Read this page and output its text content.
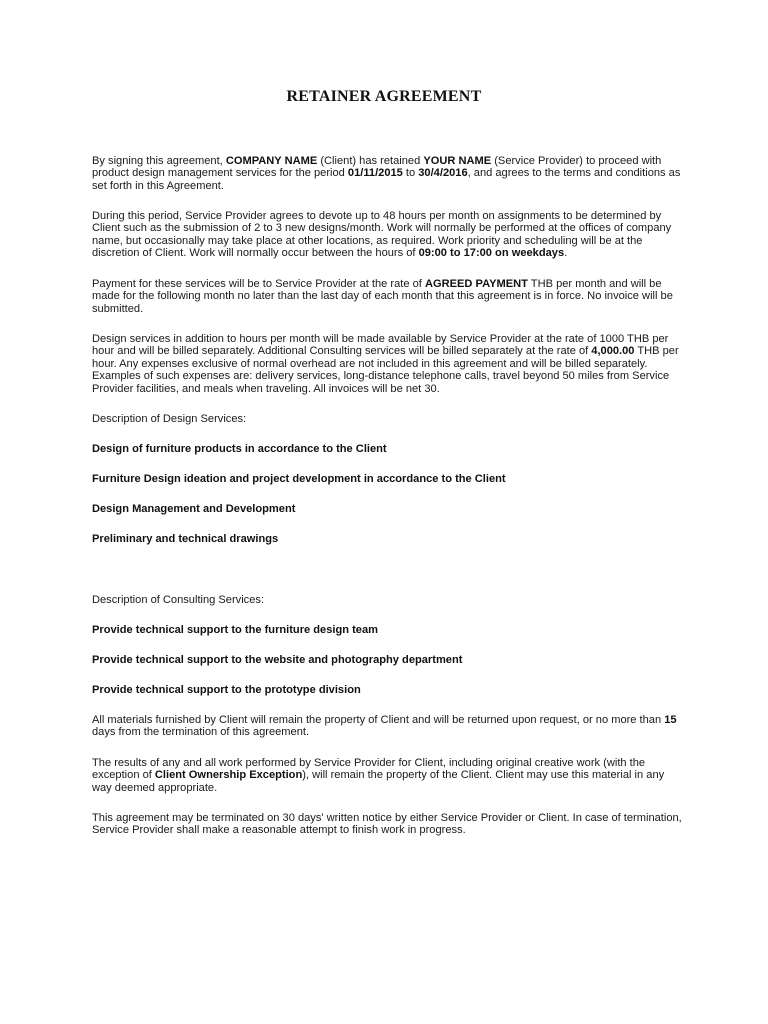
RETAINER AGREEMENT

By signing this agreement, COMPANY NAME (Client) has retained YOUR NAME (Service Provider) to proceed with product design management services for the period 01/11/2015 to 30/4/2016, and agrees to the terms and conditions as set forth in this Agreement.

During this period, Service Provider agrees to devote up to 48 hours per month on assignments to be determined by Client such as the submission of 2 to 3 new designs/month. Work will normally be performed at the offices of company name, but occasionally may take place at other locations, as required. Work priority and scheduling will be at the discretion of Client. Work will normally occur between the hours of 09:00 to 17:00 on weekdays.

Payment for these services will be to Service Provider at the rate of AGREED PAYMENT THB per month and will be made for the following month no later than the last day of each month that this agreement is in force. No invoice will be submitted.

Design services in addition to hours per month will be made available by Service Provider at the rate of 1000 THB per hour and will be billed separately. Additional Consulting services will be billed separately at the rate of 4,000.00 THB per hour. Any expenses exclusive of normal overhead are not included in this agreement and will be billed separately. Examples of such expenses are: delivery services, long-distance telephone calls, travel beyond 50 miles from Service Provider facilities, and meals when traveling. All invoices will be net 30.

Description of Design Services:

Design of furniture products in accordance to the Client

Furniture Design ideation and project development in accordance to the Client

Design Management and Development

Preliminary and technical drawings

Description of Consulting Services:

Provide technical support to the furniture design team

Provide technical support to the website and photography department

Provide technical support to the prototype division

All materials furnished by Client will remain the property of Client and will be returned upon request, or no more than 15 days from the termination of this agreement.

The results of any and all work performed by Service Provider for Client, including original creative work (with the exception of Client Ownership Exception), will remain the property of the Client. Client may use this material in any way deemed appropriate.

This agreement may be terminated on 30 days' written notice by either Service Provider or Client. In case of termination, Service Provider shall make a reasonable attempt to finish work in progress.
